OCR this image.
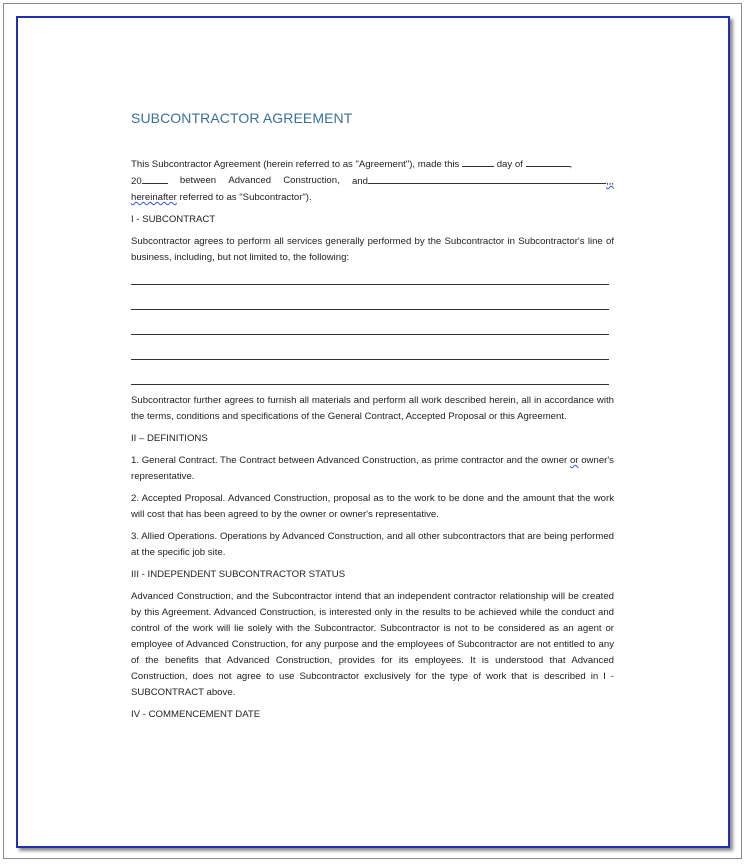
SUBCONTRACTOR AGREEMENT
This Subcontractor Agreement (herein referred to as "Agreement"), made this	day of	,
20	between Advanced Construction, and	,,,
hereinafter referred to as "Subcontractor").
I - SUBCONTRACT
Subcontractor agrees to perform all services generally performed by the Subcontractor in Subcontractor's line of business, including, but not limited to, the following:
Subcontractor further agrees to furnish all materials and perform all work described herein, all in accordance with the terms, conditions and specifications of the General Contract, Accepted Proposal or this Agreement.
II – DEFINITIONS
1. General Contract. The Contract between Advanced Construction, as prime contractor and the owner or owner's representative.
2. Accepted Proposal. Advanced Construction, proposal as to the work to be done and the amount that the work will cost that has been agreed to by the owner or owner's representative.
3. Allied Operations. Operations by Advanced Construction, and all other subcontractors that are being performed at the specific job site.
III - INDEPENDENT SUBCONTRACTOR STATUS
Advanced Construction, and the Subcontractor intend that an independent contractor relationship will be created by this Agreement. Advanced Construction, is interested only in the results to be achieved while the conduct and control of the work will lie solely with the Subcontractor. Subcontractor is not to be considered as an agent or employee of Advanced Construction, for any purpose and the employees of Subcontractor are not entitled to any of the benefits that Advanced Construction, provides for its employees. It is understood that Advanced Construction, does not agree to use Subcontractor exclusively for the type of work that is described in I - SUBCONTRACT above.
IV - COMMENCEMENT DATE
